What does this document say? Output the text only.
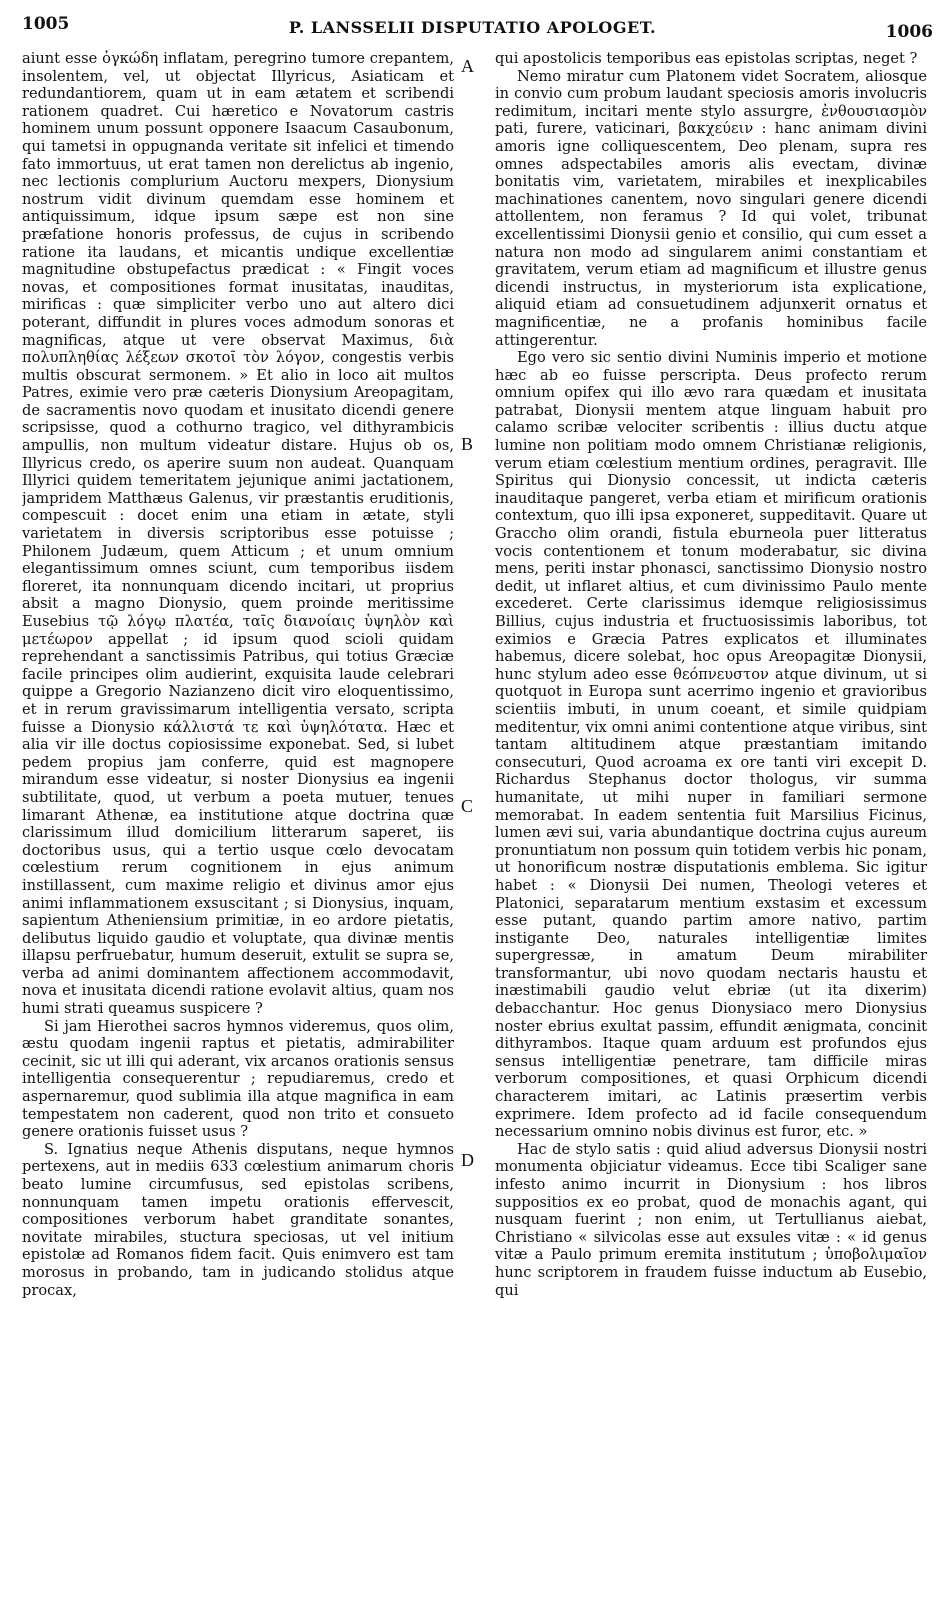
1005	P. LANSSELII DISPUTATIO APOLOGET.	1006

aiunt esse ὀγκώδη inflatam, peregrino tumore crepantem, insolentem, vel, ut objectat Illyricus, Asiaticam et redundantiorem, quam ut in eam ætatem et scribendi rationem quadret. Cui hæretico e Novatorum castris hominem unum possunt opponere Isaacum Casaubonum, qui tametsi in oppugnanda veritate sit infelici et timendo fato immortuus, ut erat tamen non derelictus ab ingenio, nec lectionis complurium Auctoru mexpers, Dionysium nostrum vidit divinum quemdam esse hominem et antiquissimum, idque ipsum sæpe est non sine præfatione honoris professus, de cujus in scribendo ratione ita laudans, et micantis undique excellentiæ magnitudine obstupefactus prædicat : « Fingit voces novas, et compositiones format inusitatas, inauditas, mirificas : quæ simpliciter verbo uno aut altero dici poterant, diffundit in plures voces admodum sonoras et magnificas, atque ut vere observat Maximus, διὰ πολυπληθίας λέξεων σκοτοῖ τὸν λόγον, congestis verbis multis obscurat sermonem. » Et alio in loco ait multos Patres, eximie vero præ cæteris Dionysium Areopagitam, de sacramentis novo quodam et inusitato dicendi genere scripsisse, quod a cothurno tragico, vel dithyrambicis ampullis, non multum videatur distare. Hujus ob os, Illyricus credo, os aperire suum non audeat. Quanquam Illyrici quidem temeritatem jejunique animi jactationem, jampridem Matthæus Galenus, vir præstantis eruditionis, compescuit : docet enim una etiam in ætate, styli varietatem in diversis scriptoribus esse potuisse ; Philonem Judæum, quem Atticum ; et unum omnium elegantissimum omnes sciunt, cum temporibus iisdem floreret, ita nonnunquam dicendo incitari, ut proprius absit a magno Dionysio, quem proinde meritissime Eusebius τῷ λόγῳ πλατέα, ταῖς διανοίαις ὑψηλὸν καὶ μετέωρον appellat ; id ipsum quod scioli quidam reprehendant a sanctissimis Patribus, qui totius Græciæ facile principes olim audierint, exquisita laude celebrari quippe a Gregorio Nazianzeno dicit viro eloquentissimo, et in rerum gravissimarum intelligentia versato, scripta fuisse a Dionysio κάλλιστά τε καὶ ὑψηλότατα. Hæc et alia vir ille doctus copiosissime exponebat. Sed, si lubet pedem propius jam conferre, quid est magnopere mirandum esse videatur, si noster Dionysius ea ingenii subtilitate, quod, ut verbum a poeta mutuer, tenues limarant Athenæ, ea institutione atque doctrina quæ clarissimum illud domicilium litterarum saperet, iis doctoribus usus, qui a tertio usque cœlo devocatam cœlestium rerum cognitionem in ejus animum instillassent, cum maxime religio et divinus amor ejus animi inflammationem exsuscitant ; si Dionysius, inquam, sapientum Atheniensium primitiæ, in eo ardore pietatis, delibutus liquido gaudio et voluptate, qua divinæ mentis illapsu perfruebatur, humum deseruit, extulit se supra se, verba ad animi dominantem affectionem accommodavit, nova et inusitata dicendi ratione evolavit altius, quam nos humi strati queamus suspicere ?

Si jam Hierothei sacros hymnos videremus, quos olim, æstu quodam ingenii raptus et pietatis, admirabiliter cecinit, sic ut illi qui aderant, vix arcanos orationis sensus intelligentia consequerentur ; repudiaremus, credo et aspernaremur, quod sublimia illa atque magnifica in eam tempestatem non caderent, quod non trito et consueto genere orationis fuisset usus ?

S. Ignatius neque Athenis disputans, neque hymnos pertexens, aut in mediis 633 cœlestium animarum choris beato lumine circumfusus, sed epistolas scribens, nonnunquam tamen impetu orationis effervescit, compositiones verborum habet granditate sonantes, novitate mirabiles, stuctura speciosas, ut vel initium epistolæ ad Romanos fidem facit. Quis enimvero est tam morosus in probando, tam in judicando stolidus atque procax,

A
B
C
D

qui apostolicis temporibus eas epistolas scriptas, neget ?

Nemo miratur cum Platonem videt Socratem, aliosque in convio cum probum laudant speciosis amoris involucris redimitum, incitari mente stylo assurgre, ἐνθουσιασμὸν pati, furere, vaticinari, βακχεύειν : hanc animam divini amoris igne colliquescentem, Deo plenam, supra res omnes adspectabiles amoris alis evectam, divinæ bonitatis vim, varietatem, mirabiles et inexplicabiles machinationes canentem, novo singulari genere dicendi attollentem, non feramus ? Id qui volet, tribunat excellentissimi Dionysii genio et consilio, qui cum esset a natura non modo ad singularem animi constantiam et gravitatem, verum etiam ad magnificum et illustre genus dicendi instructus, in mysteriorum ista explicatione, aliquid etiam ad consuetudinem adjunxerit ornatus et magnificentiæ, ne a profanis hominibus facile attingerentur.

Ego vero sic sentio divini Numinis imperio et motione hæc ab eo fuisse perscripta. Deus profecto rerum omnium opifex qui illo ævo rara quædam et inusitata patrabat, Dionysii mentem atque linguam habuit pro calamo scribæ velociter scribentis : illius ductu atque lumine non politiam modo omnem Christianæ religionis, verum etiam cœlestium mentium ordines, peragravit. Ille Spiritus qui Dionysio concessit, ut indicta cæteris inauditaque pangeret, verba etiam et mirificum orationis contextum, quo illi ipsa exponeret, suppeditavit. Quare ut Graccho olim orandi, fistula eburneola puer litteratus vocis contentionem et tonum moderabatur, sic divina mens, periti instar phonasci, sanctissimo Dionysio nostro dedit, ut inflaret altius, et cum divinissimo Paulo mente excederet. Certe clarissimus idemque religiosissimus Billius, cujus industria et fructuosissimis laboribus, tot eximios e Græcia Patres explicatos et illuminates habemus, dicere solebat, hoc opus Areopagitæ Dionysii, hunc stylum adeo esse θεόπνευστον atque divinum, ut si quotquot in Europa sunt acerrimo ingenio et gravioribus scientiis imbuti, in unum coeant, et simile quidpiam meditentur, vix omni animi contentione atque viribus, sint tantam altitudinem atque præstantiam imitando consecuturi, Quod acroama ex ore tanti viri excepit D. Richardus Stephanus doctor thologus, vir summa humanitate, ut mihi nuper in familiari sermone memorabat. In eadem sententia fuit Marsilius Ficinus, lumen ævi sui, varia abundantique doctrina cujus aureum pronuntiatum non possum quin totidem verbis hic ponam, ut honorificum nostræ disputationis emblema. Sic igitur habet : « Dionysii Dei numen, Theologi veteres et Platonici, separatarum mentium exstasim et excessum esse putant, quando partim amore nativo, partim instigante Deo, naturales intelligentiæ limites supergressæ, in amatum Deum mirabiliter transformantur, ubi novo quodam nectaris haustu et inæstimabili gaudio velut ebriæ (ut ita dixerim) debacchantur. Hoc genus Dionysiaco mero Dionysius noster ebrius exultat passim, effundit ænigmata, concinit dithyrambos. Itaque quam arduum est profundos ejus sensus intelligentiæ penetrare, tam difficile miras verborum compositiones, et quasi Orphicum dicendi characterem imitari, ac Latinis præsertim verbis exprimere. Idem profecto ad id facile consequendum necessarium omnino nobis divinus est furor, etc. »

Hac de stylo satis : quid aliud adversus Dionysii nostri monumenta objiciatur videamus. Ecce tibi Scaliger sane infesto animo incurrit in Dionysium : hos libros suppositios ex eo probat, quod de monachis agant, qui nusquam fuerint ; non enim, ut Tertullianus aiebat, Christiano « silvicolas esse aut exsules vitæ : « id genus vitæ a Paulo primum eremita institutum ; ὑποβολιμαῖον hunc scriptorem in fraudem fuisse inductum ab Eusebio, qui
